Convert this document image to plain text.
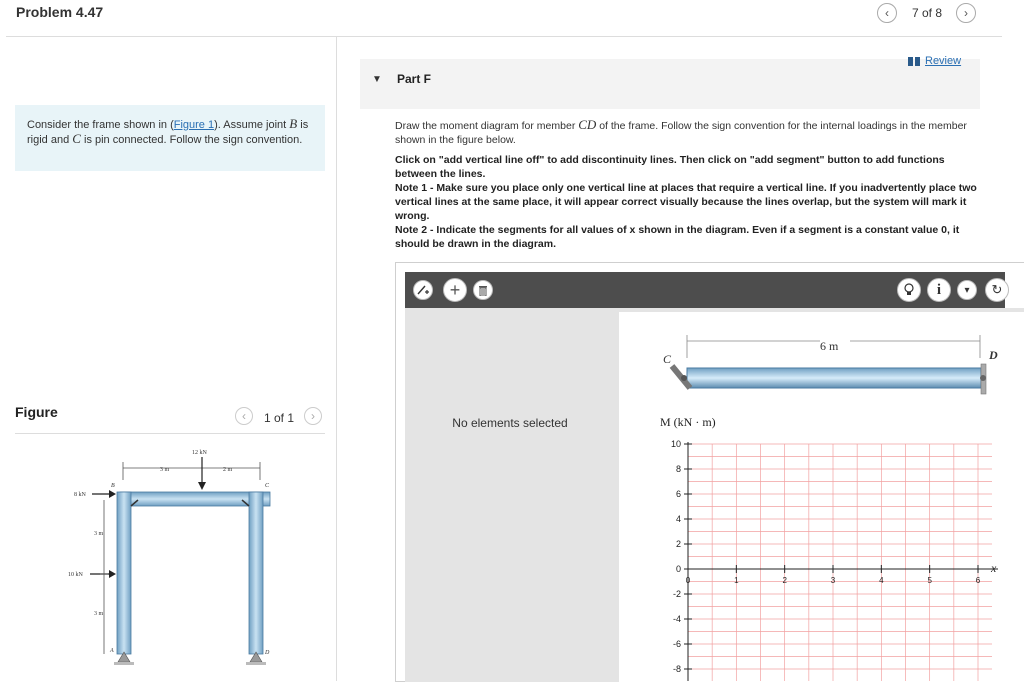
Problem 4.47	‹ 7 of 8 ›
Consider the frame shown in (Figure 1). Assume joint B is rigid and C is pin connected. Follow the sign convention.
Figure	‹ 1 of 1 ›
3 m	2 m
12 kN
B	C
A	D
8 kN
10 kN
3 m
3 m
▼ Part F
Review

Draw the moment diagram for member CD of the frame. Follow the sign convention for the internal loadings in the member shown in the figure below.

Click on "add vertical line off" to add discontinuity lines. Then click on "add segment" button to add functions between the lines.

Note 1 - Make sure you place only one vertical line at places that require a vertical line. If you inadvertently place two vertical lines at the same place, it will appear correct visually because the lines overlap, but the system will mark it wrong.

Note 2 - Indicate the segments for all values of x shown in the diagram. Even if a segment is a constant value 0, it should be drawn in the diagram.

+	i ▾ ↻
No elements selected
6 m
C	D
M (kN · m)
x
10
8
6
4
2
0
-2
-4
-6
-8
0	1	2	3	4	5	6
